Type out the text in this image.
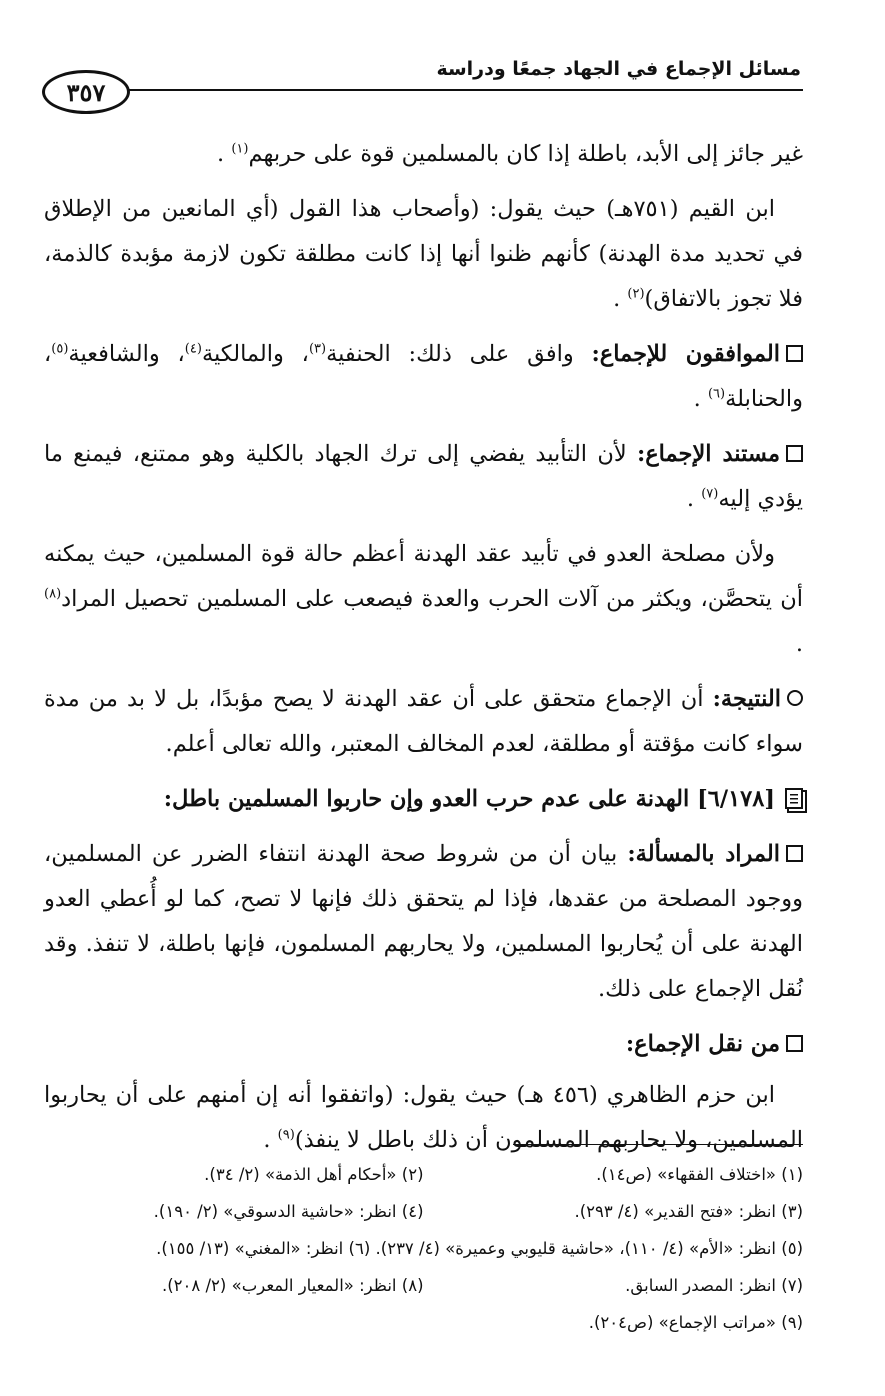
مسائل الإجماع في الجهاد جمعًا ودراسة
٣٥٧

غير جائز إلى الأبد، باطلة إذا كان بالمسلمين قوة على حربهم$^{(١)}$ .

ابن القيم (٧٥١هـ) حيث يقول: (وأصحاب هذا القول (أي المانعين من الإطلاق في تحديد مدة الهدنة) كأنهم ظنوا أنها إذا كانت مطلقة تكون لازمة مؤبدة كالذمة، فلا تجوز بالاتفاق)$^{(٢)}$ .

الموافقون للإجماع: وافق على ذلك: الحنفية$^{(٣)}$، والمالكية$^{(٤)}$، والشافعية$^{(٥)}$، والحنابلة$^{(٦)}$ .

مستند الإجماع: لأن التأبيد يفضي إلى ترك الجهاد بالكلية وهو ممتنع، فيمنع ما يؤدي إليه$^{(٧)}$ .

ولأن مصلحة العدو في تأبيد عقد الهدنة أعظم حالة قوة المسلمين، حيث يمكنه أن يتحصَّن، ويكثر من آلات الحرب والعدة فيصعب على المسلمين تحصيل المراد$^{(٨)}$ .

النتيجة: أن الإجماع متحقق على أن عقد الهدنة لا يصح مؤبدًا، بل لا بد من مدة سواء كانت مؤقتة أو مطلقة، لعدم المخالف المعتبر، والله تعالى أعلم.

[٦/١٧٨] الهدنة على عدم حرب العدو وإن حاربوا المسلمين باطل:

المراد بالمسألة: بيان أن من شروط صحة الهدنة انتفاء الضرر عن المسلمين، ووجود المصلحة من عقدها، فإذا لم يتحقق ذلك فإنها لا تصح، كما لو أُعطي العدو الهدنة على أن يُحاربوا المسلمين، ولا يحاربهم المسلمون، فإنها باطلة، لا تنفذ. وقد نُقل الإجماع على ذلك.

من نقل الإجماع:

ابن حزم الظاهري (٤٥٦ هـ) حيث يقول: (واتفقوا أنه إن أمنهم على أن يحاربوا المسلمين، ولا يحاربهم المسلمون أن ذلك باطل لا ينفذ)$^{(٩)}$ .

(١) «اختلاف الفقهاء» (ص١٤).
(٢) «أحكام أهل الذمة» (٢/ ٣٤).
(٣) انظر: «فتح القدير» (٤/ ٢٩٣).
(٤) انظر: «حاشية الدسوقي» (٢/ ١٩٠).
(٥) انظر: «الأم» (٤/ ١١٠)، «حاشية قليوبي وعميرة» (٤/ ٢٣٧). (٦) انظر: «المغني» (١٣/ ١٥٥).
(٧) انظر: المصدر السابق.
(٨) انظر: «المعيار المعرب» (٢/ ٢٠٨).
(٩) «مراتب الإجماع» (ص٢٠٤).
